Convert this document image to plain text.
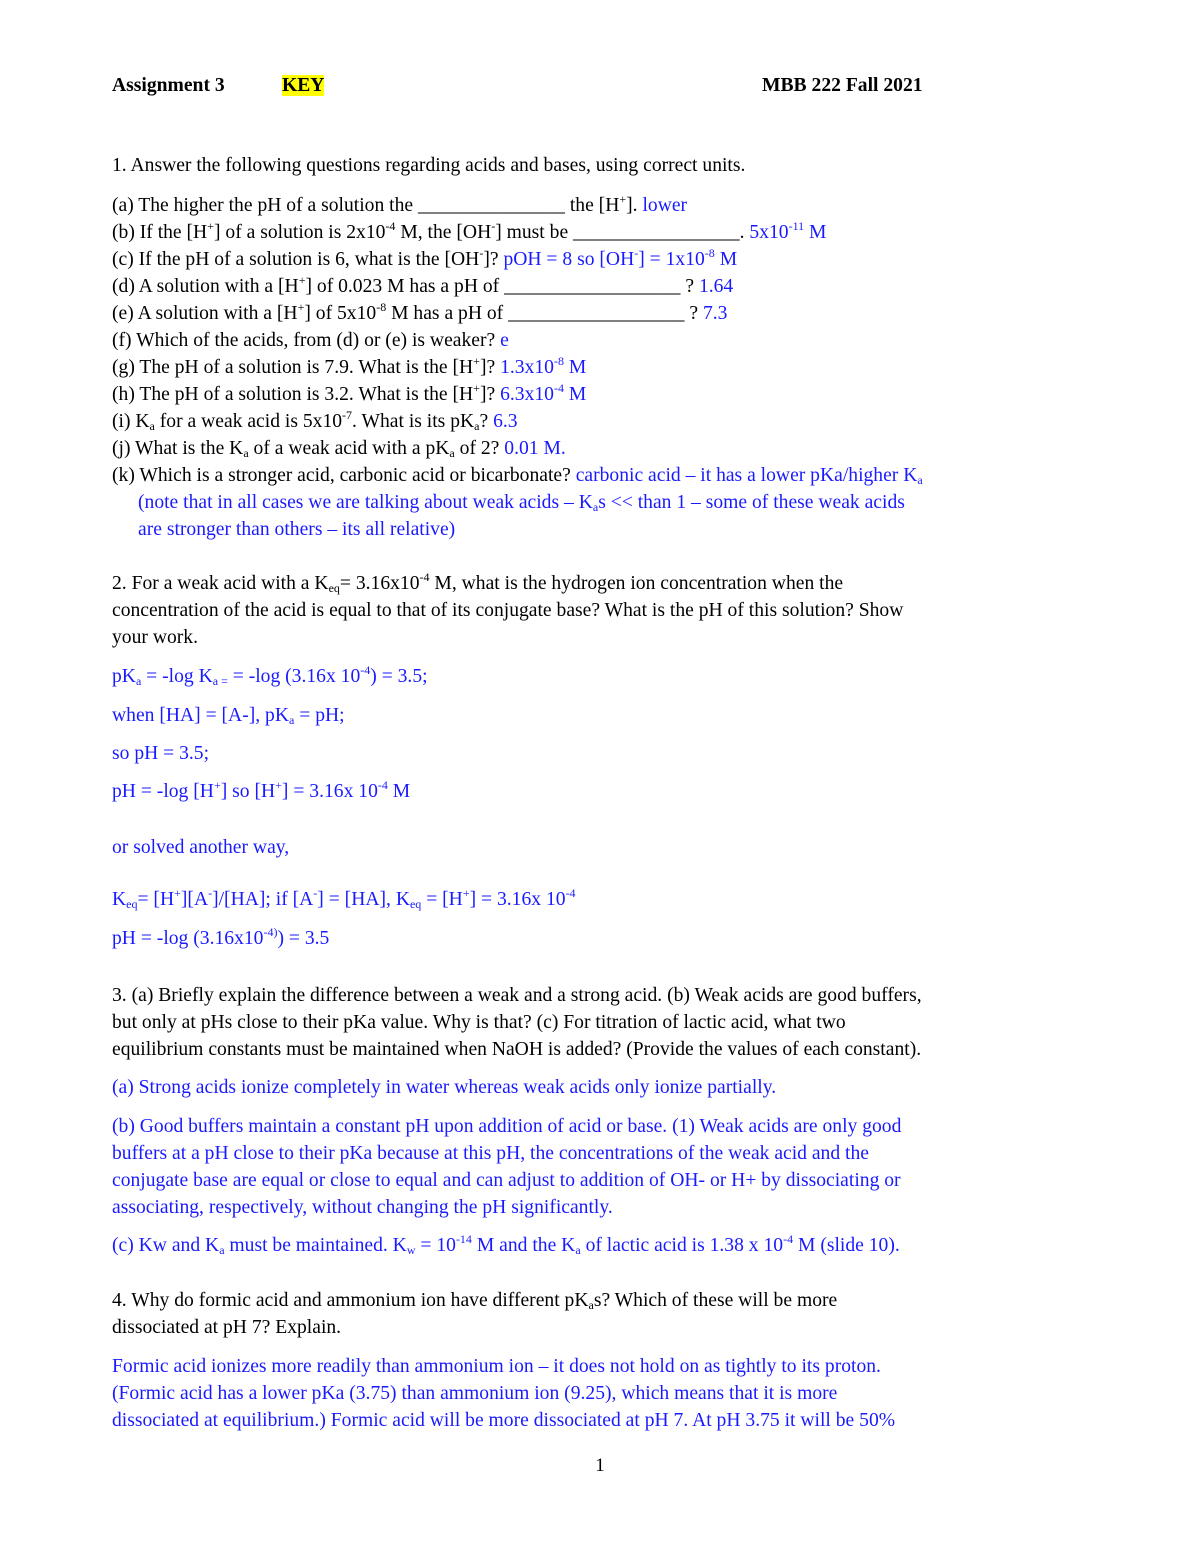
Assignment 3	KEY	MBB 222 Fall 2021
1. Answer the following questions regarding acids and bases, using correct units.
(a) The higher the pH of a solution the _______________ the [H+]. lower
(b) If the [H+] of a solution is $2x10^{-4}$ M, the [OH-] must be _________________. $5x10^{-11}$ M
(c) If the pH of a solution is 6, what is the [OH-]? pOH = 8 so $[OH^-] = 1x10^{-8}$ M
(d) A solution with a [H+] of 0.023 M has a pH of __________________ ? 1.64
(e) A solution with a [H+] of $5x10^{-8}$ M has a pH of __________________ ? 7.3
(f) Which of the acids, from (d) or (e) is weaker? e
(g) The pH of a solution is 7.9. What is the [H+]? $1.3x10^{-8}$ M
(h) The pH of a solution is 3.2. What is the [H+]? $6.3x10^{-4}$ M
(i) $K_a$ for a weak acid is $5x10^{-7}$. What is its $pK_a$? 6.3
(j) What is the $K_a$ of a weak acid with a $pK_a$ of 2? 0.01 M.
(k) Which is a stronger acid, carbonic acid or bicarbonate? carbonic acid – it has a lower pKa/higher $K_a$
(note that in all cases we are talking about weak acids – $K_as$ << than 1 – some of these weak acids
are stronger than others – its all relative)
2. For a weak acid with a $K_{eq}= 3.16x10^{-4}$ M, what is the hydrogen ion concentration when the
concentration of the acid is equal to that of its conjugate base? What is the pH of this solution? Show
your work.
$pK_a = -\log$ $K_{a =} = -\log$ (3.16x $10^{-4}) = 3.5$;
when [HA] = [A-], $pK_a$ = pH;
so pH = 3.5;
pH = -log [H+] so [H+] = 3.16x $10^{-4}$ M
or solved another way,
$K_{eq}= [H^+][A^-]/[HA]$; if [A-] = [HA], $K_{eq} = [H^+] = 3.16x$ $10^{-4}$
pH = -log $(3.16x10^{-4)}) = 3.5$
3. (a) Briefly explain the difference between a weak and a strong acid. (b) Weak acids are good buffers,
but only at pHs close to their pKa value. Why is that? (c) For titration of lactic acid, what two
equilibrium constants must be maintained when NaOH is added? (Provide the values of each constant).
(a) Strong acids ionize completely in water whereas weak acids only ionize partially.
(b) Good buffers maintain a constant pH upon addition of acid or base. (1) Weak acids are only good
buffers at a pH close to their pKa because at this pH, the concentrations of the weak acid and the
conjugate base are equal or close to equal and can adjust to addition of OH- or H+ by dissociating or
associating, respectively, without changing the pH significantly.
(c) Kw and $K_a$ must be maintained. $K_w = 10^{-14}$ M and the $K_a$ of lactic acid is 1.38 x $10^{-4}$ M (slide 10).
4. Why do formic acid and ammonium ion have different $pK_as$? Which of these will be more
dissociated at pH 7? Explain.
Formic acid ionizes more readily than ammonium ion – it does not hold on as tightly to its proton.
(Formic acid has a lower pKa (3.75) than ammonium ion (9.25), which means that it is more
dissociated at equilibrium.) Formic acid will be more dissociated at pH 7. At pH 3.75 it will be 50%
1
